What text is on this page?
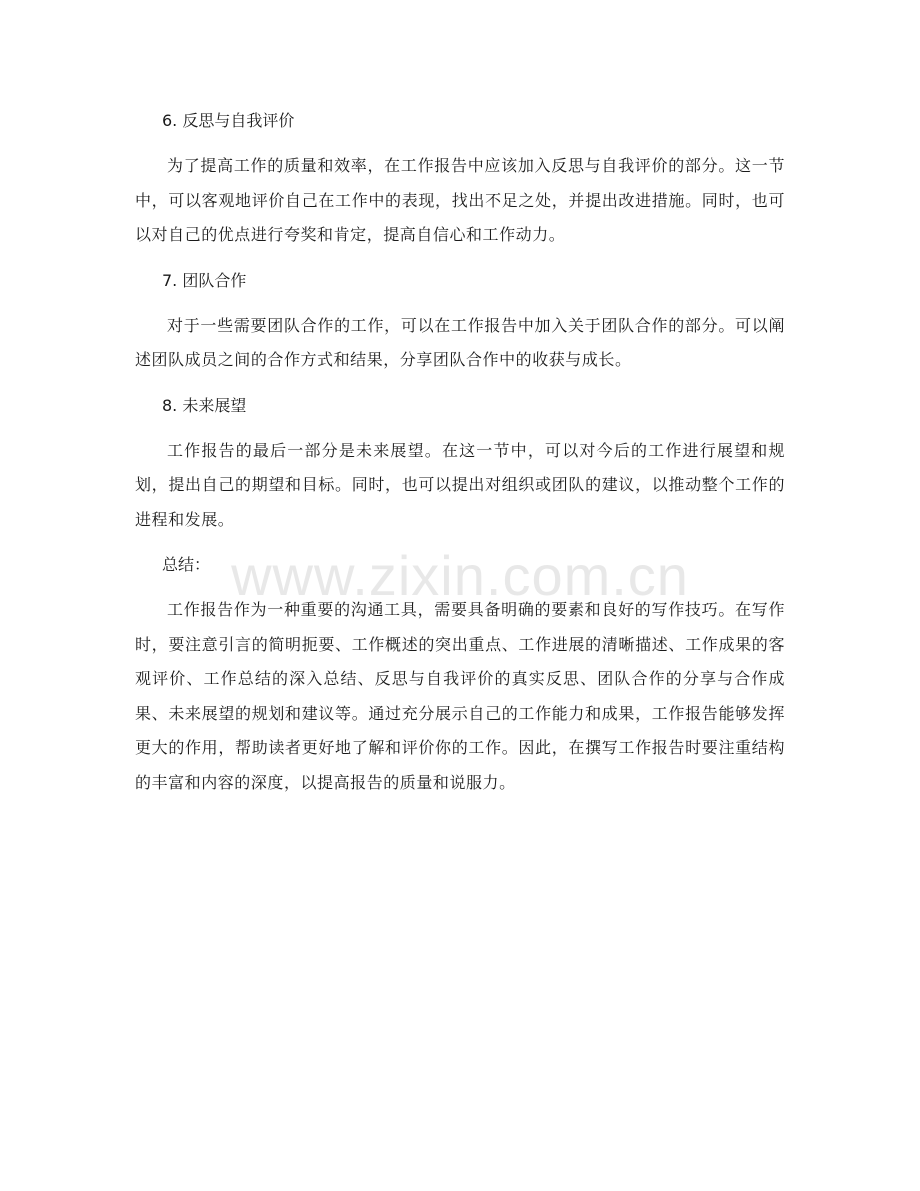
6. 反思与自我评价

为了提高工作的质量和效率，在工作报告中应该加入反思与自我评价的部分。这一节中，可以客观地评价自己在工作中的表现，找出不足之处，并提出改进措施。同时，也可以对自己的优点进行夸奖和肯定，提高自信心和工作动力。

7. 团队合作

对于一些需要团队合作的工作，可以在工作报告中加入关于团队合作的部分。可以阐述团队成员之间的合作方式和结果，分享团队合作中的收获与成长。

8. 未来展望

工作报告的最后一部分是未来展望。在这一节中，可以对今后的工作进行展望和规划，提出自己的期望和目标。同时，也可以提出对组织或团队的建议，以推动整个工作的进程和发展。

总结：

工作报告作为一种重要的沟通工具，需要具备明确的要素和良好的写作技巧。在写作时，要注意引言的简明扼要、工作概述的突出重点、工作进展的清晰描述、工作成果的客观评价、工作总结的深入总结、反思与自我评价的真实反思、团队合作的分享与合作成果、未来展望的规划和建议等。通过充分展示自己的工作能力和成果，工作报告能够发挥更大的作用，帮助读者更好地了解和评价你的工作。因此，在撰写工作报告时要注重结构的丰富和内容的深度，以提高报告的质量和说服力。

www.zixin.com.cn
